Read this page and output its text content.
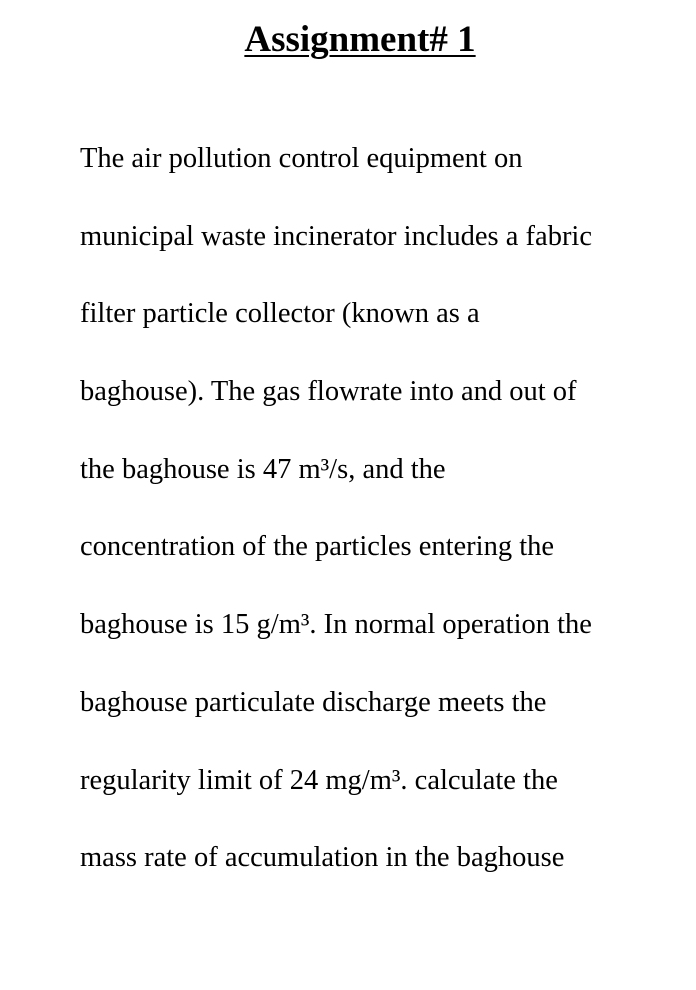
Assignment# 1
The air pollution control equipment on
municipal waste incinerator includes a fabric
filter particle collector (known as a
baghouse). The gas flowrate into and out of
the baghouse is 47 m³/s, and the
concentration of the particles entering the
baghouse is 15 g/m³. In normal operation the
baghouse particulate discharge meets the
regularity limit of 24 mg/m³. calculate the
mass rate of accumulation in the baghouse
